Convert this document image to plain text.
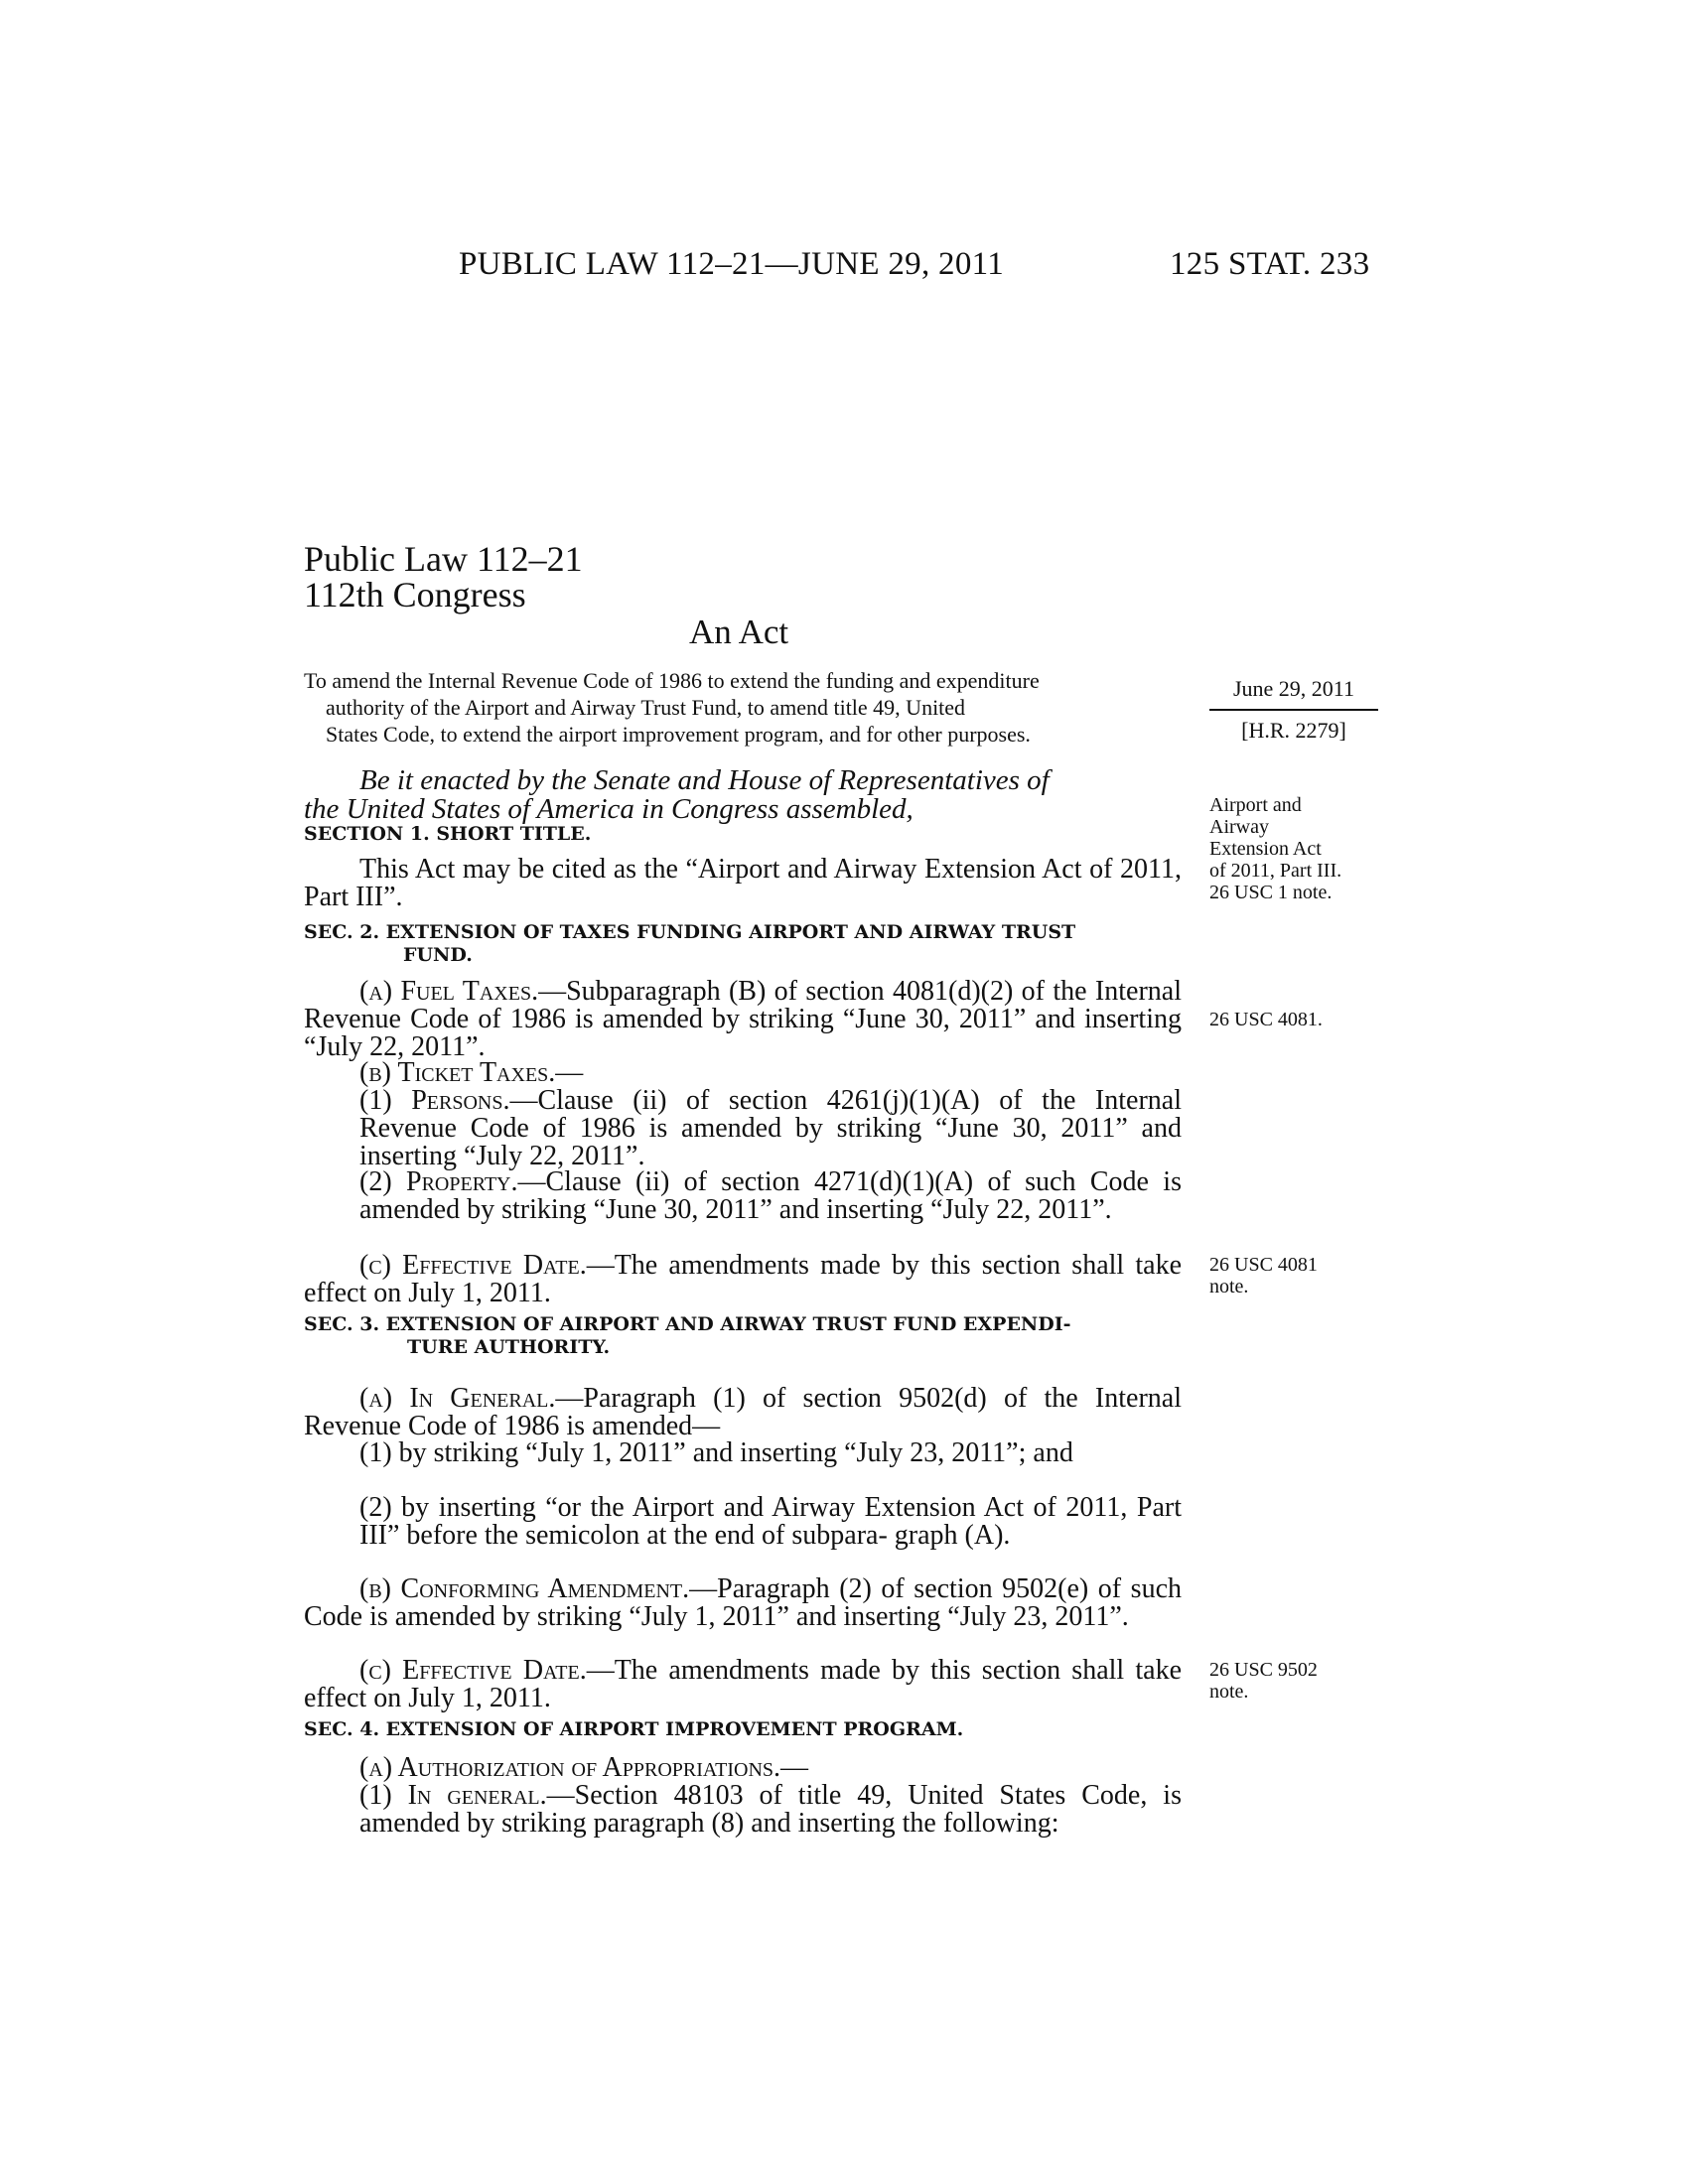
PUBLIC LAW 112–21—JUNE 29, 2011	125 STAT. 233
Public Law 112–21
112th Congress
An Act
To amend the Internal Revenue Code of 1986 to extend the funding and expenditure
authority of the Airport and Airway Trust Fund, to amend title 49, United
States Code, to extend the airport improvement program, and for other purposes.
June 29, 2011
[H.R. 2279]
Be it enacted by the Senate and House of Representatives of
the United States of America in Congress assembled,	Airport and
Airway
Extension Act
of 2011, Part III.
26 USC 1 note.
SECTION 1. SHORT TITLE.
This Act may be cited as the “Airport and Airway Extension Act of 2011, Part III”.
SEC. 2. EXTENSION OF TAXES FUNDING AIRPORT AND AIRWAY TRUST
FUND.
(a) Fuel Taxes.—Subparagraph (B) of section 4081(d)(2) of the Internal Revenue Code of 1986 is amended by striking “June 30, 2011” and inserting “July 22, 2011”.
26 USC 4081.
(b) Ticket Taxes.—
(1) Persons.—Clause (ii) of section 4261(j)(1)(A) of the Internal Revenue Code of 1986 is amended by striking “June 30, 2011” and inserting “July 22, 2011”.
(2) Property.—Clause (ii) of section 4271(d)(1)(A) of such Code is amended by striking “June 30, 2011” and inserting “July 22, 2011”.
(c) Effective Date.—The amendments made by this section shall take effect on July 1, 2011.
26 USC 4081
note.
SEC. 3. EXTENSION OF AIRPORT AND AIRWAY TRUST FUND EXPENDI-
TURE AUTHORITY.
(a) In General.—Paragraph (1) of section 9502(d) of the Internal Revenue Code of 1986 is amended—
(1) by striking “July 1, 2011” and inserting “July 23, 2011”; and
(2) by inserting “or the Airport and Airway Extension Act of 2011, Part III” before the semicolon at the end of subpara- graph (A).
(b) Conforming Amendment.—Paragraph (2) of section 9502(e) of such Code is amended by striking “July 1, 2011” and inserting “July 23, 2011”.
(c) Effective Date.—The amendments made by this section shall take effect on July 1, 2011.
26 USC 9502
note.
SEC. 4. EXTENSION OF AIRPORT IMPROVEMENT PROGRAM.
(a) Authorization of Appropriations.—
(1) In general.—Section 48103 of title 49, United States Code, is amended by striking paragraph (8) and inserting the following:
